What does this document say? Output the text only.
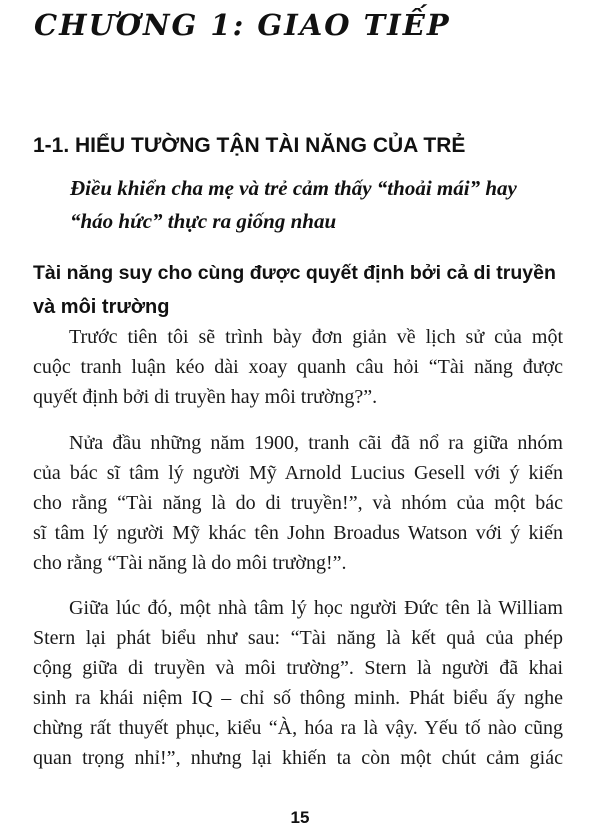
CHƯƠNG 1: GIAO TIẾP
1-1. HIỂU TƯỜNG TẬN TÀI NĂNG CỦA TRẺ
Điều khiển cha mẹ và trẻ cảm thấy “thoải mái” hay
“háo hức” thực ra giống nhau
Tài năng suy cho cùng được quyết định bởi cả di truyền
và môi trường
Trước tiên tôi sẽ trình bày đơn giản về lịch sử của một
cuộc tranh luận kéo dài xoay quanh câu hỏi “Tài năng được
quyết định bởi di truyền hay môi trường?”.
Nửa đầu những năm 1900, tranh cãi đã nổ ra giữa nhóm
của bác sĩ tâm lý người Mỹ Arnold Lucius Gesell với ý kiến
cho rằng “Tài năng là do di truyền!”, và nhóm của một bác
sĩ tâm lý người Mỹ khác tên John Broadus Watson với ý kiến
cho rằng “Tài năng là do môi trường!”.
Giữa lúc đó, một nhà tâm lý học người Đức tên là William
Stern lại phát biểu như sau: “Tài năng là kết quả của phép
cộng giữa di truyền và môi trường”. Stern là người đã khai
sinh ra khái niệm IQ – chỉ số thông minh. Phát biểu ấy nghe
chừng rất thuyết phục, kiểu “À, hóa ra là vậy. Yếu tố nào cũng
quan trọng nhỉ!”, nhưng lại khiến ta còn một chút cảm giác
15
